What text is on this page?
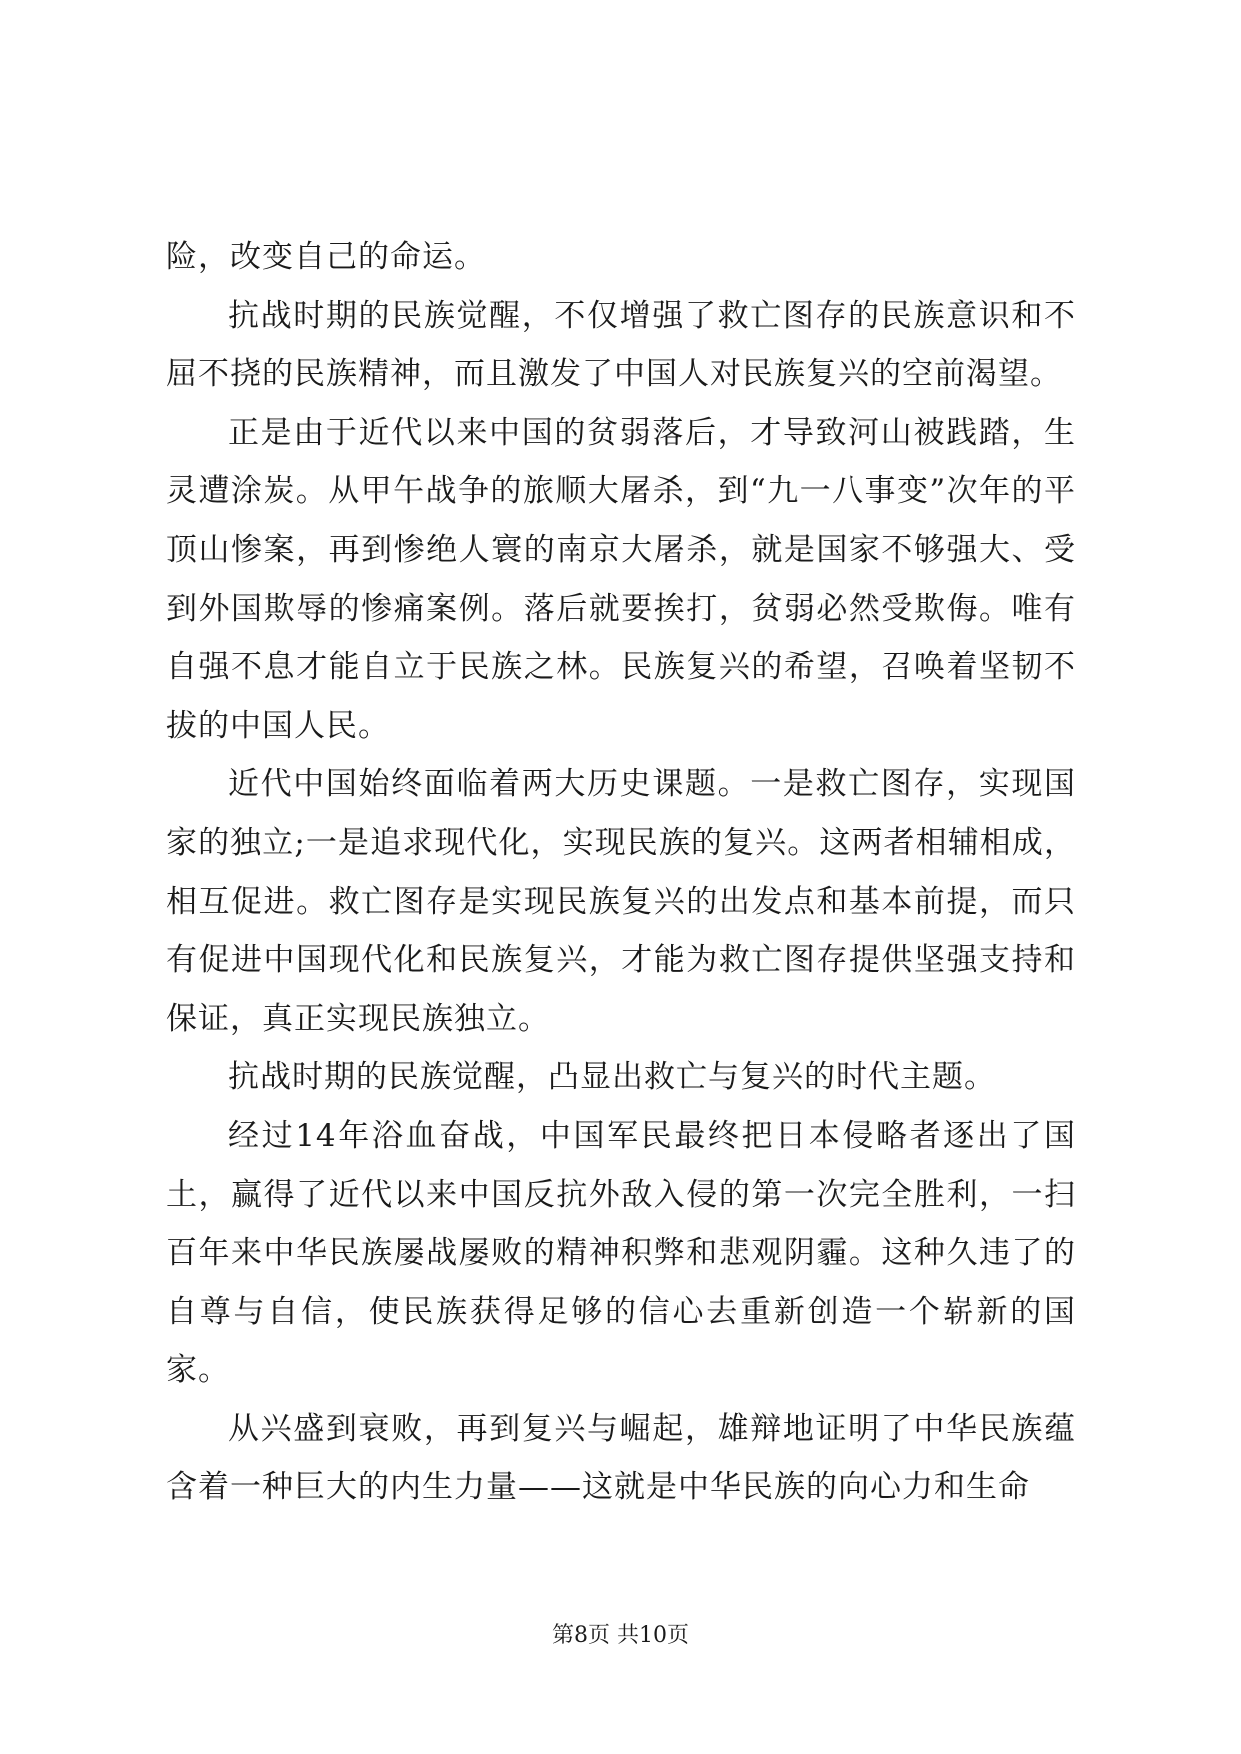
险，改变自己的命运。

抗战时期的民族觉醒，不仅增强了救亡图存的民族意识和不屈不挠的民族精神，而且激发了中国人对民族复兴的空前渴望。

正是由于近代以来中国的贫弱落后，才导致河山被践踏，生灵遭涂炭。从甲午战争的旅顺大屠杀，到“九一八事变”次年的平顶山惨案，再到惨绝人寰的南京大屠杀，就是国家不够强大、受到外国欺辱的惨痛案例。落后就要挨打，贫弱必然受欺侮。唯有自强不息才能自立于民族之林。民族复兴的希望，召唤着坚韧不拔的中国人民。

近代中国始终面临着两大历史课题。一是救亡图存，实现国家的独立;一是追求现代化，实现民族的复兴。这两者相辅相成，相互促进。救亡图存是实现民族复兴的出发点和基本前提，而只有促进中国现代化和民族复兴，才能为救亡图存提供坚强支持和保证，真正实现民族独立。

抗战时期的民族觉醒，凸显出救亡与复兴的时代主题。

经过14年浴血奋战，中国军民最终把日本侵略者逐出了国土，赢得了近代以来中国反抗外敌入侵的第一次完全胜利，一扫百年来中华民族屡战屡败的精神积弊和悲观阴霾。这种久违了的自尊与自信，使民族获得足够的信心去重新创造一个崭新的国家。

从兴盛到衰败，再到复兴与崛起，雄辩地证明了中华民族蕴含着一种巨大的内生力量——这就是中华民族的向心力和生命

第8页 共10页
